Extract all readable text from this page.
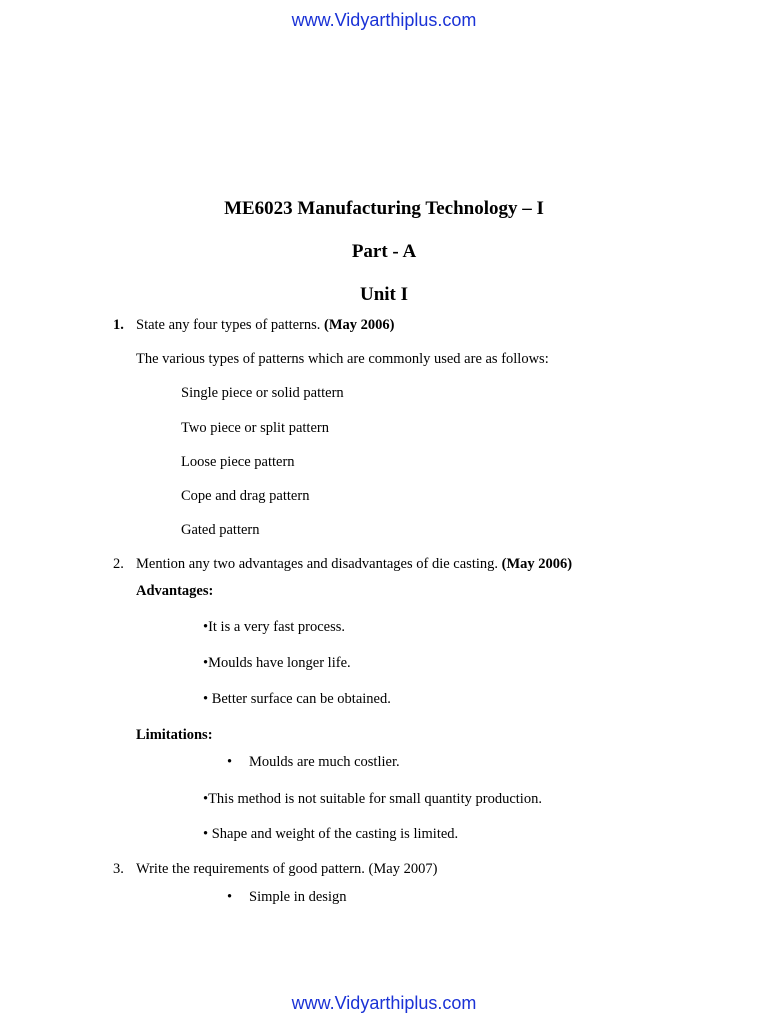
www.Vidyarthiplus.com
ME6023 Manufacturing Technology – I
Part - A
Unit I
1. State any four types of patterns. (May 2006)
The various types of patterns which are commonly used are as follows:
Single piece or solid pattern
Two piece or split pattern
Loose piece pattern
Cope and drag pattern
Gated pattern
2. Mention any two advantages and disadvantages of die casting. (May 2006)
Advantages:
•It is a very fast process.
•Moulds have longer life.
• Better surface can be obtained.
Limitations:
• Moulds are much costlier.
•This method is not suitable for small quantity production.
• Shape and weight of the casting is limited.
3. Write the requirements of good pattern. (May 2007)
• Simple in design
www.Vidyarthiplus.com
